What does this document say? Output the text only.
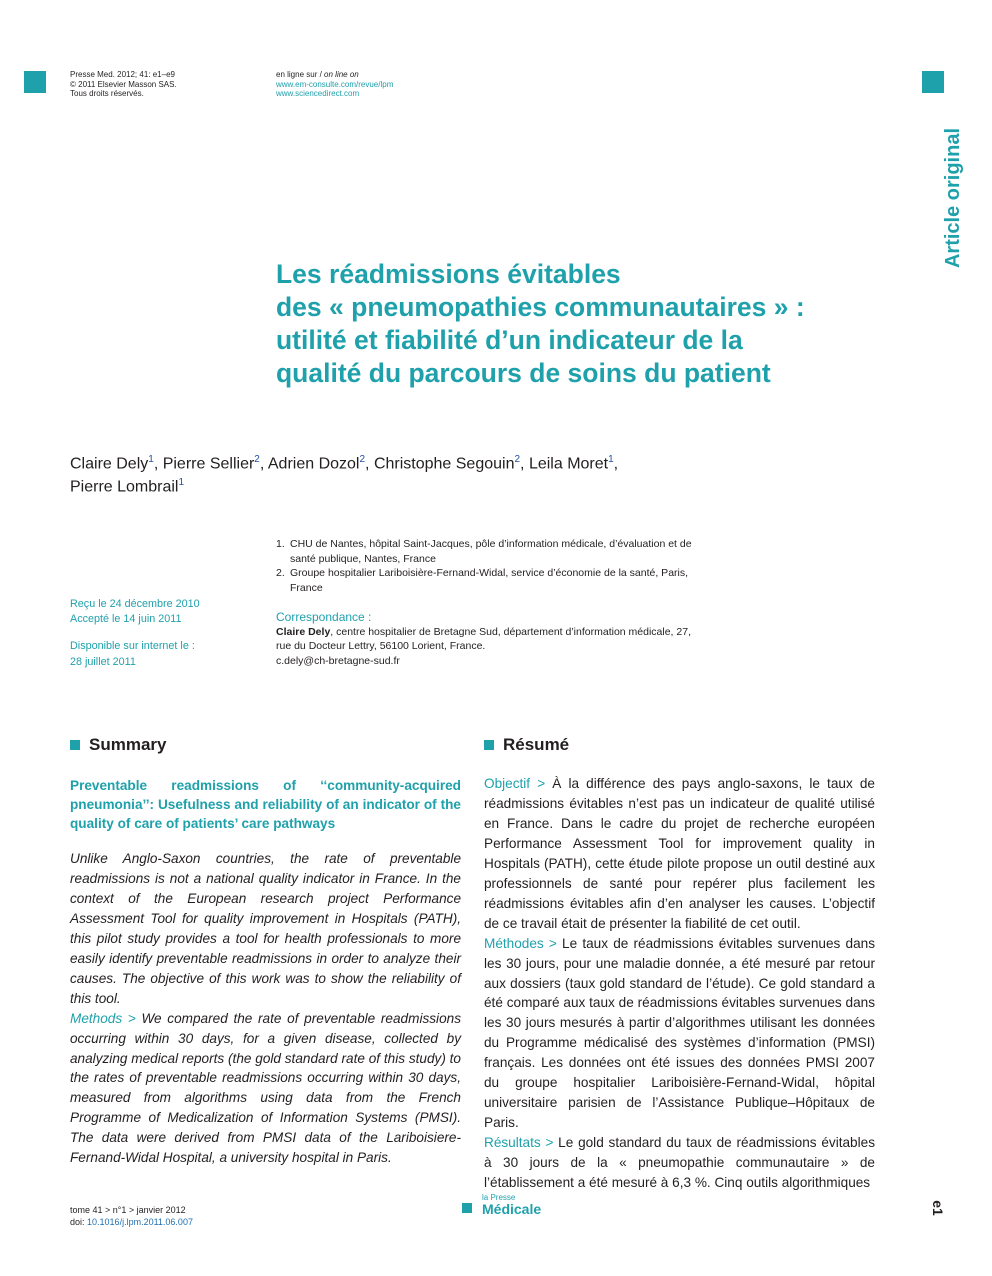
Presse Med. 2012; 41: e1–e9
© 2011 Elsevier Masson SAS.
Tous droits réservés.
en ligne sur / on line on
www.em-consulte.com/revue/lpm
www.sciencedirect.com
Article original
Les réadmissions évitables
des « pneumopathies communautaires » :
utilité et fiabilité d’un indicateur de la
qualité du parcours de soins du patient
Claire Dely$^1$, Pierre Sellier$^2$, Adrien Dozol$^2$, Christophe Segouin$^2$, Leila Moret$^1$,
Pierre Lombrail$^1$
1. CHU de Nantes, hôpital Saint-Jacques, pôle d’information médicale, d’évaluation et de santé publique, Nantes, France
2. Groupe hospitalier Lariboisière-Fernand-Widal, service d’économie de la santé, Paris, France
Reçu le 24 décembre 2010
Accepté le 14 juin 2011
Disponible sur internet le :
28 juillet 2011
Correspondance :
Claire Dely, centre hospitalier de Bretagne Sud, département d’information médicale, 27, rue du Docteur Lettry, 56100 Lorient, France.
c.dely@ch-bretagne-sud.fr
Summary	Résumé
Preventable readmissions of ‘‘community-acquired pneumonia’’: Usefulness and reliability of an indicator of the quality of care of patients’ care pathways
Unlike Anglo-Saxon countries, the rate of preventable readmissions is not a national quality indicator in France. In the context of the European research project Performance Assessment Tool for quality improvement in Hospitals (PATH), this pilot study provides a tool for health professionals to more easily identify preventable readmissions in order to analyze their causes. The objective of this work was to show the reliability of this tool.
Methods > We compared the rate of preventable readmissions occurring within 30 days, for a given disease, collected by analyzing medical reports (the gold standard rate of this study) to the rates of preventable readmissions occurring within 30 days, measured from algorithms using data from the French Programme of Medicalization of Information Systems (PMSI). The data were derived from PMSI data of the Lariboisiere-Fernand-Widal Hospital, a university hospital in Paris.
Objectif > À la différence des pays anglo-saxons, le taux de réadmissions évitables n’est pas un indicateur de qualité utilisé en France. Dans le cadre du projet de recherche européen Performance Assessment Tool for improvement quality in Hospitals (PATH), cette étude pilote propose un outil destiné aux professionnels de santé pour repérer plus facilement les réadmissions évitables afin d’en analyser les causes. L’objectif de ce travail était de présenter la fiabilité de cet outil.
Méthodes > Le taux de réadmissions évitables survenues dans les 30 jours, pour une maladie donnée, a été mesuré par retour aux dossiers (taux gold standard de l’étude). Ce gold standard a été comparé aux taux de réadmissions évitables survenues dans les 30 jours mesurés à partir d’algorithmes utilisant les données du Programme médicalisé des systèmes d’information (PMSI) français. Les données ont été issues des données PMSI 2007 du groupe hospitalier Lariboisière-Fernand-Widal, hôpital universitaire parisien de l’Assistance Publique–Hôpitaux de Paris.
Résultats > Le gold standard du taux de réadmissions évitables à 30 jours de la « pneumopathie communautaire » de l’établissement a été mesuré à 6,3 %. Cinq outils algorithmiques
tome 41 > n°1 > janvier 2012
doi: 10.1016/j.lpm.2011.06.007
la Presse
Médicale	e1
